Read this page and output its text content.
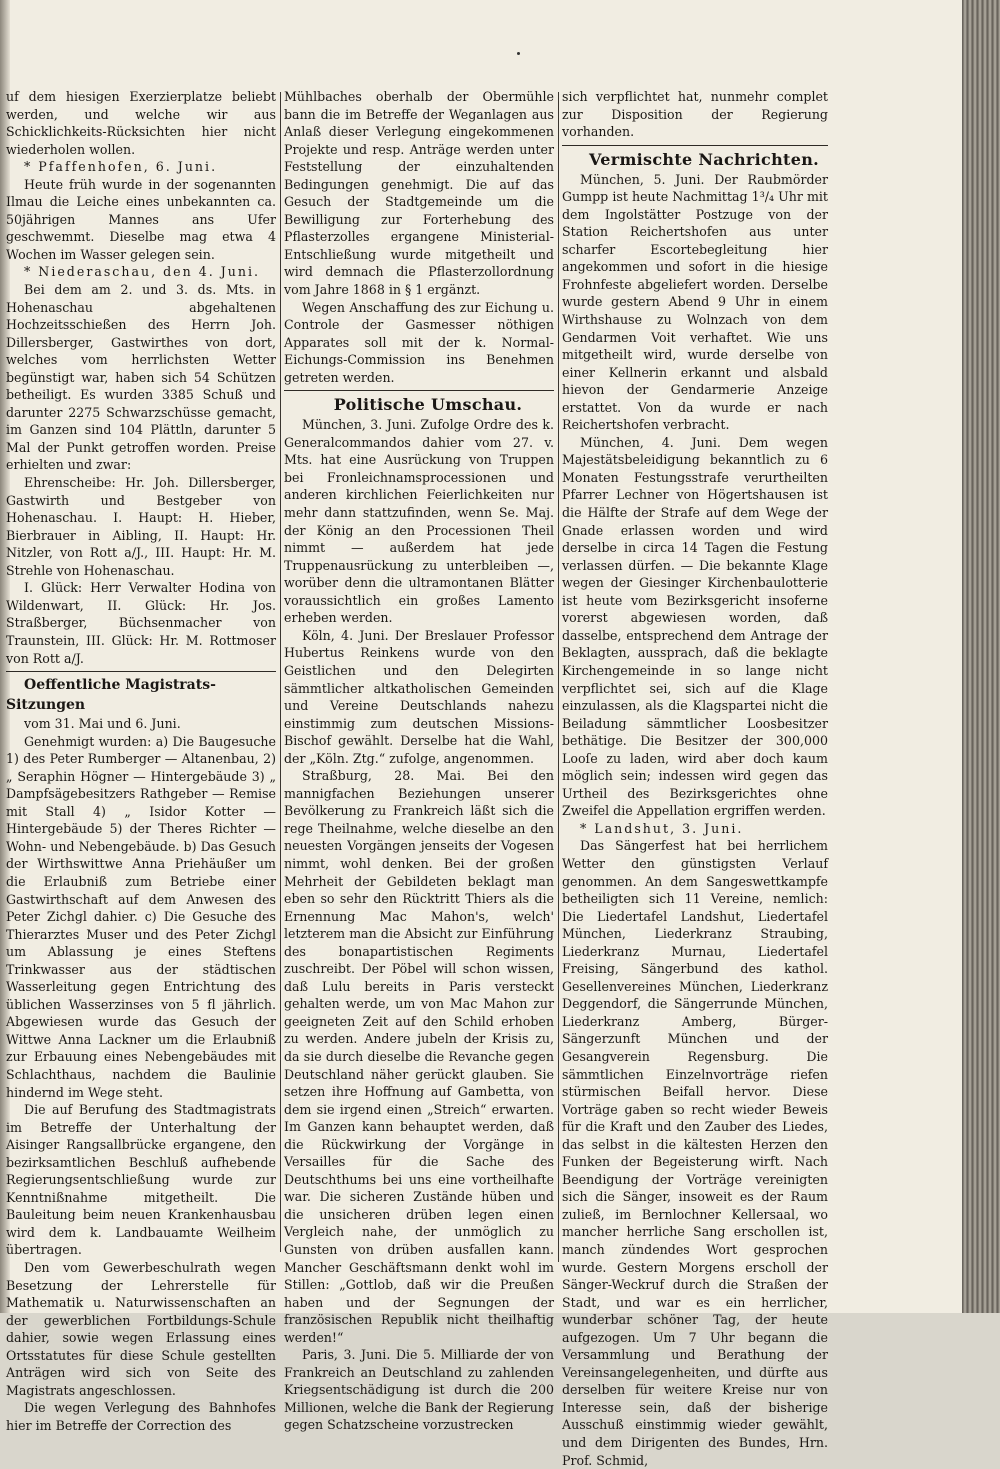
uf dem hiesigen Exerzierplatze beliebt werden, und welche wir aus Schicklichkeits-Rücksichten hier nicht wiederholen wollen.

* Pfaffenhofen, 6. Juni.

Heute früh wurde in der sogenannten Ilmau die Leiche eines unbekannten ca. 50jährigen Mannes ans Ufer geschwemmt. Dieselbe mag etwa 4 Wochen im Wasser gelegen sein.

* Niederaschau, den 4. Juni.

Bei dem am 2. und 3. ds. Mts. in Hohenaschau abgehaltenen Hochzeitsschießen des Herrn Joh. Dillersberger, Gastwirthes von dort, welches vom herrlichsten Wetter begünstigt war, haben sich 54 Schützen betheiligt. Es wurden 3385 Schuß und darunter 2275 Schwarzschüsse gemacht, im Ganzen sind 104 Plättln, darunter 5 Mal der Punkt getroffen worden. Preise erhielten und zwar:

Ehrenscheibe: Hr. Joh. Dillersberger, Gastwirth und Bestgeber von Hohenaschau. I. Haupt: H. Hieber, Bierbrauer in Aibling, II. Haupt: Hr. Nitzler, von Rott a/J., III. Haupt: Hr. M. Strehle von Hohenaschau.

I. Glück: Herr Verwalter Hodina von Wildenwart, II. Glück: Hr. Jos. Straßberger, Büchsenmacher von Traunstein, III. Glück: Hr. M. Rottmoser von Rott a/J.

Oeffentliche Magistrats-Sitzungen

vom 31. Mai und 6. Juni.

Genehmigt wurden: a) Die Baugesuche 1) des Peter Rumberger — Altanenbau, 2) „ Seraphin Högner — Hintergebäude 3) „ Dampfsägebesitzers Rathgeber — Remise mit Stall 4) „ Isidor Kotter — Hintergebäude 5) der Theres Richter — Wohn- und Nebengebäude. b) Das Gesuch der Wirthswittwe Anna Priehäußer um die Erlaubniß zum Betriebe einer Gastwirthschaft auf dem Anwesen des Peter Zichgl dahier. c) Die Gesuche des Thierarztes Muser und des Peter Zichgl um Ablassung je eines Steftens Trinkwasser aus der städtischen Wasserleitung gegen Entrichtung des üblichen Wasserzinses von 5 fl jährlich. Abgewiesen wurde das Gesuch der Wittwe Anna Lackner um die Erlaubniß zur Erbauung eines Nebengebäudes mit Schlachthaus, nachdem die Baulinie hindernd im Wege steht.

Die auf Berufung des Stadtmagistrats im Betreffe der Unterhaltung der Aisinger Rangsallbrücke ergangene, den bezirksamtlichen Beschluß aufhebende Regierungsentschließung wurde zur Kenntnißnahme mitgetheilt. Die Bauleitung beim neuen Krankenhausbau wird dem k. Landbauamte Weilheim übertragen.

Den vom Gewerbeschulrath wegen Besetzung der Lehrerstelle für Mathematik u. Naturwissenschaften an der gewerblichen Fortbildungs-Schule dahier, sowie wegen Erlassung eines Ortsstatutes für diese Schule gestellten Anträgen wird sich von Seite des Magistrats angeschlossen.

Die wegen Verlegung des Bahnhofes hier im Betreffe der Correction des

Mühlbaches oberhalb der Obermühle bann die im Betreffe der Weganlagen aus Anlaß dieser Verlegung eingekommenen Projekte und resp. Anträge werden unter Feststellung der einzuhaltenden Bedingungen genehmigt. Die auf das Gesuch der Stadtgemeinde um die Bewilligung zur Forterhebung des Pflasterzolles ergangene Ministerial-Entschließung wurde mitgetheilt und wird demnach die Pflasterzollordnung vom Jahre 1868 in § 1 ergänzt.

Wegen Anschaffung des zur Eichung u. Controle der Gasmesser nöthigen Apparates soll mit der k. Normal-Eichungs-Commission ins Benehmen getreten werden.

Politische Umschau.

München, 3. Juni. Zufolge Ordre des k. Generalcommandos dahier vom 27. v. Mts. hat eine Ausrückung von Truppen bei Fronleichnamsprocessionen und anderen kirchlichen Feierlichkeiten nur mehr dann stattzufinden, wenn Se. Maj. der König an den Processionen Theil nimmt — außerdem hat jede Truppenausrückung zu unterbleiben —, worüber denn die ultramontanen Blätter voraussichtlich ein großes Lamento erheben werden.

Köln, 4. Juni. Der Breslauer Professor Hubertus Reinkens wurde von den Geistlichen und den Delegirten sämmtlicher altkatholischen Gemeinden und Vereine Deutschlands nahezu einstimmig zum deutschen Missions-Bischof gewählt. Derselbe hat die Wahl, der „Köln. Ztg.“ zufolge, angenommen.

Straßburg, 28. Mai. Bei den mannigfachen Beziehungen unserer Bevölkerung zu Frankreich läßt sich die rege Theilnahme, welche dieselbe an den neuesten Vorgängen jenseits der Vogesen nimmt, wohl denken. Bei der großen Mehrheit der Gebildeten beklagt man eben so sehr den Rücktritt Thiers als die Ernennung Mac Mahon's, welch' letzterem man die Absicht zur Einführung des bonapartistischen Regiments zuschreibt. Der Pöbel will schon wissen, daß Lulu bereits in Paris versteckt gehalten werde, um von Mac Mahon zur geeigneten Zeit auf den Schild erhoben zu werden. Andere jubeln der Krisis zu, da sie durch dieselbe die Revanche gegen Deutschland näher gerückt glauben. Sie setzen ihre Hoffnung auf Gambetta, von dem sie irgend einen „Streich“ erwarten. Im Ganzen kann behauptet werden, daß die Rückwirkung der Vorgänge in Versailles für die Sache des Deutschthums bei uns eine vortheilhafte war. Die sicheren Zustände hüben und die unsicheren drüben legen einen Vergleich nahe, der unmöglich zu Gunsten von drüben ausfallen kann. Mancher Geschäftsmann denkt wohl im Stillen: „Gottlob, daß wir die Preußen haben und der Segnungen der französischen Republik nicht theilhaftig werden!“

Paris, 3. Juni. Die 5. Milliarde der von Frankreich an Deutschland zu zahlenden Kriegsentschädigung ist durch die 200 Millionen, welche die Bank der Regierung gegen Schatzscheine vorzustrecken

sich verpflichtet hat, nunmehr complet zur Disposition der Regierung vorhanden.

Vermischte Nachrichten.

München, 5. Juni. Der Raubmörder Gumpp ist heute Nachmittag 1³/₄ Uhr mit dem Ingolstätter Postzuge von der Station Reichertshofen aus unter scharfer Escortebegleitung hier angekommen und sofort in die hiesige Frohnfeste abgeliefert worden. Derselbe wurde gestern Abend 9 Uhr in einem Wirthshause zu Wolnzach von dem Gendarmen Voit verhaftet. Wie uns mitgetheilt wird, wurde derselbe von einer Kellnerin erkannt und alsbald hievon der Gendarmerie Anzeige erstattet. Von da wurde er nach Reichertshofen verbracht.

München, 4. Juni. Dem wegen Majestätsbeleidigung bekanntlich zu 6 Monaten Festungsstrafe verurtheilten Pfarrer Lechner von Högertshausen ist die Hälfte der Strafe auf dem Wege der Gnade erlassen worden und wird derselbe in circa 14 Tagen die Festung verlassen dürfen. — Die bekannte Klage wegen der Giesinger Kirchenbaulotterie ist heute vom Bezirksgericht insoferne vorerst abgewiesen worden, daß dasselbe, entsprechend dem Antrage der Beklagten, aussprach, daß die beklagte Kirchengemeinde in so lange nicht verpflichtet sei, sich auf die Klage einzulassen, als die Klagspartei nicht die Beiladung sämmtlicher Loosbesitzer bethätige. Die Besitzer der 300,000 Looſe zu laden, wird aber doch kaum möglich sein; indessen wird gegen das Urtheil des Bezirksgerichtes ohne Zweifel die Appellation ergriffen werden.

* Landshut, 3. Juni.

Das Sängerfest hat bei herrlichem Wetter den günstigsten Verlauf genommen. An dem Sangeswettkampfe betheiligten sich 11 Vereine, nemlich: Die Liedertafel Landshut, Liedertafel München, Liederkranz Straubing, Liederkranz Murnau, Liedertafel Freising, Sängerbund des kathol. Gesellenvereines München, Liederkranz Deggendorf, die Sängerrunde München, Liederkranz Amberg, Bürger-Sängerzunft München und der Gesangverein Regensburg. Die sämmtlichen Einzelnvorträge riefen stürmischen Beifall hervor. Diese Vorträge gaben so recht wieder Beweis für die Kraft und den Zauber des Liedes, das selbst in die kältesten Herzen den Funken der Begeisterung wirft. Nach Beendigung der Vorträge vereinigten sich die Sänger, insoweit es der Raum zuließ, im Bernlochner Kellersaal, wo mancher herrliche Sang erschollen ist, manch zündendes Wort gesprochen wurde. Gestern Morgens erscholl der Sänger-Weckruf durch die Straßen der Stadt, und war es ein herrlicher, wunderbar schöner Tag, der heute aufgezogen. Um 7 Uhr begann die Versammlung und Berathung der Vereinsangelegenheiten, und dürfte aus derselben für weitere Kreise nur von Interesse sein, daß der bisherige Ausschuß einstimmig wieder gewählt, und dem Dirigenten des Bundes, Hrn. Prof. Schmid,
